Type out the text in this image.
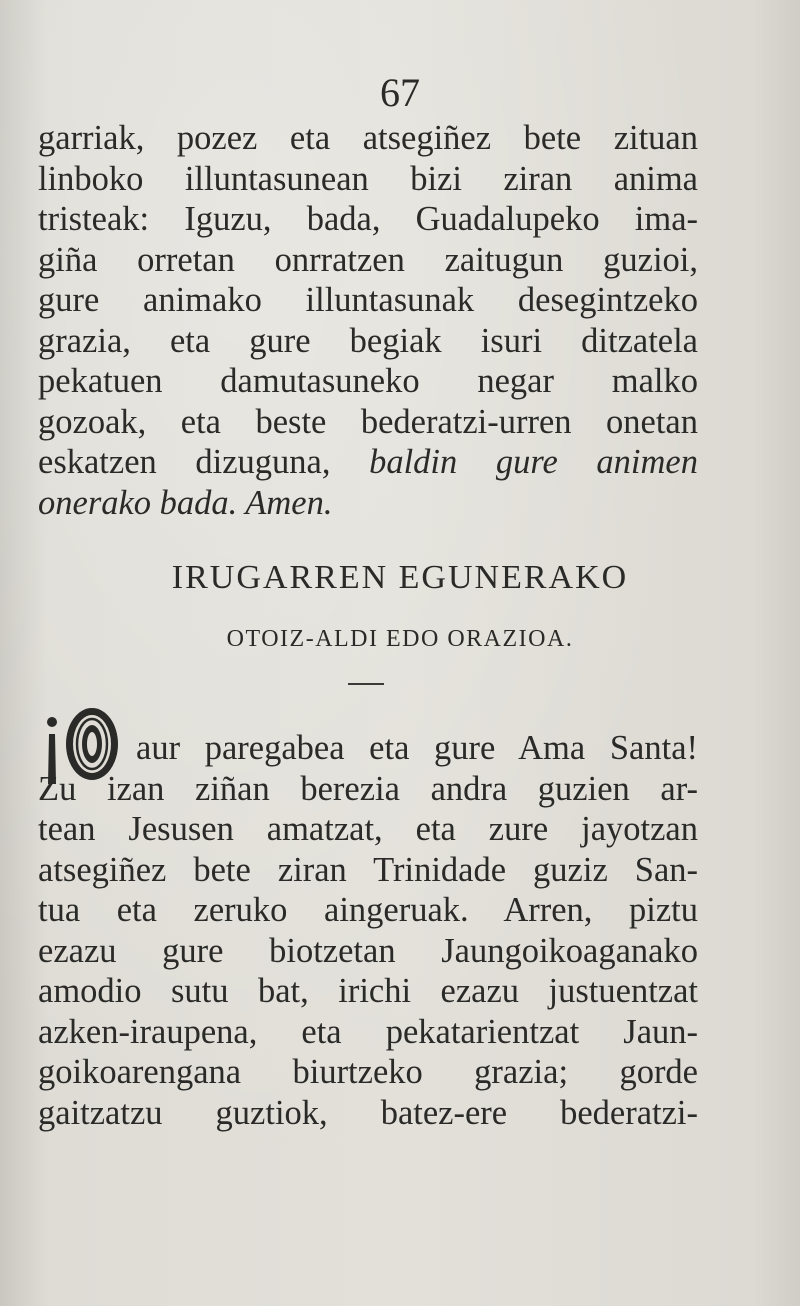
67
garriak, pozez eta atsegiñez bete zituan
linboko illuntasunean bizi ziran anima
tristeak: Iguzu, bada, Guadalupeko ima-
giña orretan onrratzen zaitugun guzioi,
gure animako illuntasunak desegintzeko
grazia, eta gure begiak isuri ditzatela
pekatuen damutasuneko negar malko
gozoak, eta beste bederatzi-urren onetan
eskatzen dizuguna, baldin gure animen
onerako bada. Amen.
IRUGARREN EGUNERAKO
OTOIZ-ALDI EDO ORAZIOA.
aur paregabea eta gure Ama Santa!
Zu izan ziñan berezia andra guzien ar-
tean Jesusen amatzat, eta zure jayotzan
atsegiñez bete ziran Trinidade guziz San-
tua eta zeruko aingeruak. Arren, piztu
ezazu gure biotzetan Jaungoikoaganako
amodio sutu bat, irichi ezazu justuentzat
azken-iraupena, eta pekatarientzat Jaun-
goikoarengana biurtzeko grazia; gorde
gaitzatzu guztiok, batez-ere bederatzi-
